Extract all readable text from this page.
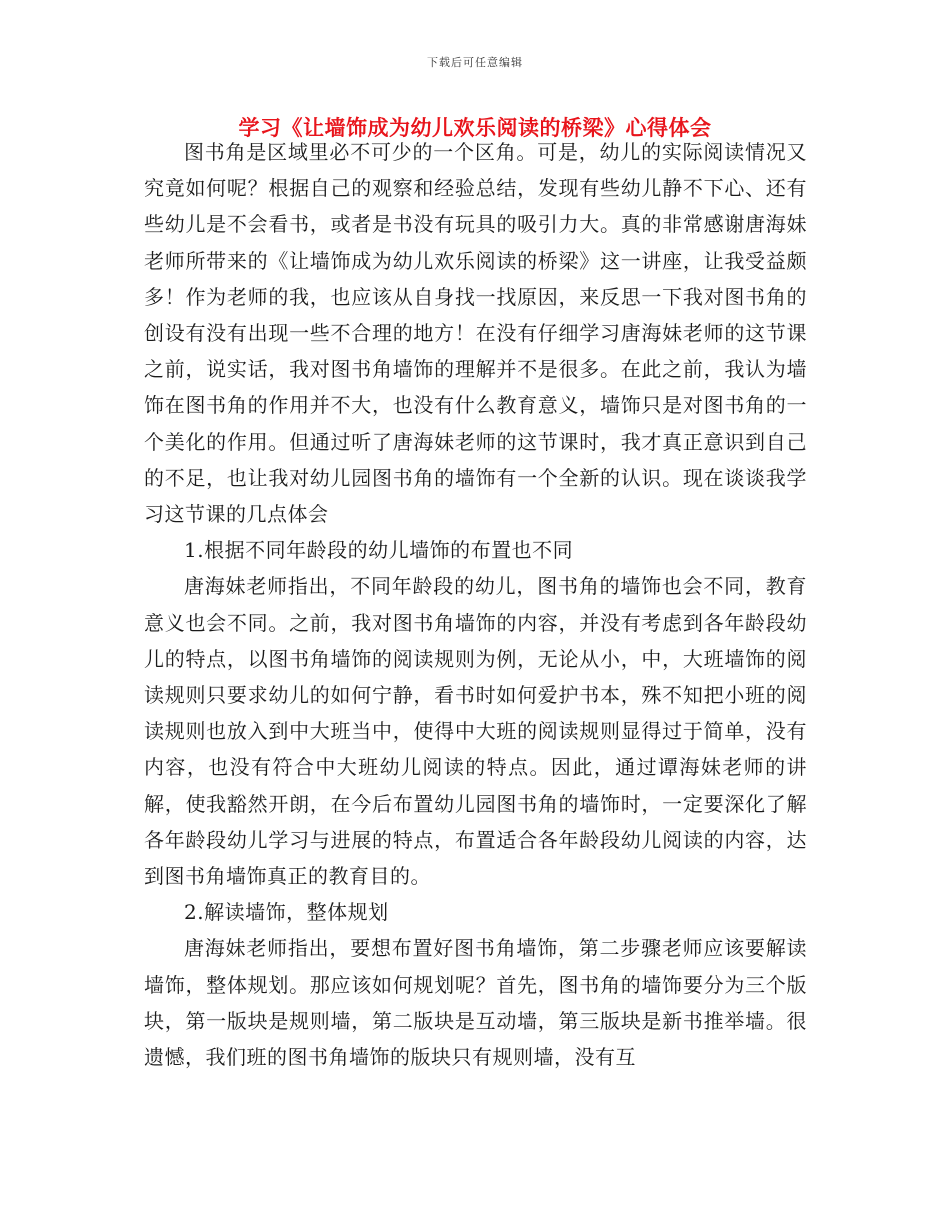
下载后可任意编辑
学习《让墙饰成为幼儿欢乐阅读的桥梁》心得体会

图书角是区域里必不可少的一个区角。可是，幼儿的实际阅读情况又究竟如何呢？根据自己的观察和经验总结，发现有些幼儿静不下心、还有些幼儿是不会看书，或者是书没有玩具的吸引力大。真的非常感谢唐海妹老师所带来的《让墙饰成为幼儿欢乐阅读的桥梁》这一讲座，让我受益颇多！作为老师的我，也应该从自身找一找原因，来反思一下我对图书角的创设有没有出现一些不合理的地方！在没有仔细学习唐海妹老师的这节课之前，说实话，我对图书角墙饰的理解并不是很多。在此之前，我认为墙饰在图书角的作用并不大，也没有什么教育意义，墙饰只是对图书角的一个美化的作用。但通过听了唐海妹老师的这节课时，我才真正意识到自己的不足，也让我对幼儿园图书角的墙饰有一个全新的认识。现在谈谈我学习这节课的几点体会

1.根据不同年龄段的幼儿墙饰的布置也不同

唐海妹老师指出，不同年龄段的幼儿，图书角的墙饰也会不同，教育意义也会不同。之前，我对图书角墙饰的内容，并没有考虑到各年龄段幼儿的特点，以图书角墙饰的阅读规则为例，无论从小，中，大班墙饰的阅读规则只要求幼儿的如何宁静，看书时如何爱护书本，殊不知把小班的阅读规则也放入到中大班当中，使得中大班的阅读规则显得过于简单，没有内容，也没有符合中大班幼儿阅读的特点。因此，通过谭海妹老师的讲解，使我豁然开朗，在今后布置幼儿园图书角的墙饰时，一定要深化了解各年龄段幼儿学习与进展的特点，布置适合各年龄段幼儿阅读的内容，达到图书角墙饰真正的教育目的。

2.解读墙饰，整体规划

唐海妹老师指出，要想布置好图书角墙饰，第二步骤老师应该要解读墙饰，整体规划。那应该如何规划呢？首先，图书角的墙饰要分为三个版块，第一版块是规则墙，第二版块是互动墙，第三版块是新书推举墙。很遗憾，我们班的图书角墙饰的版块只有规则墙，没有互
